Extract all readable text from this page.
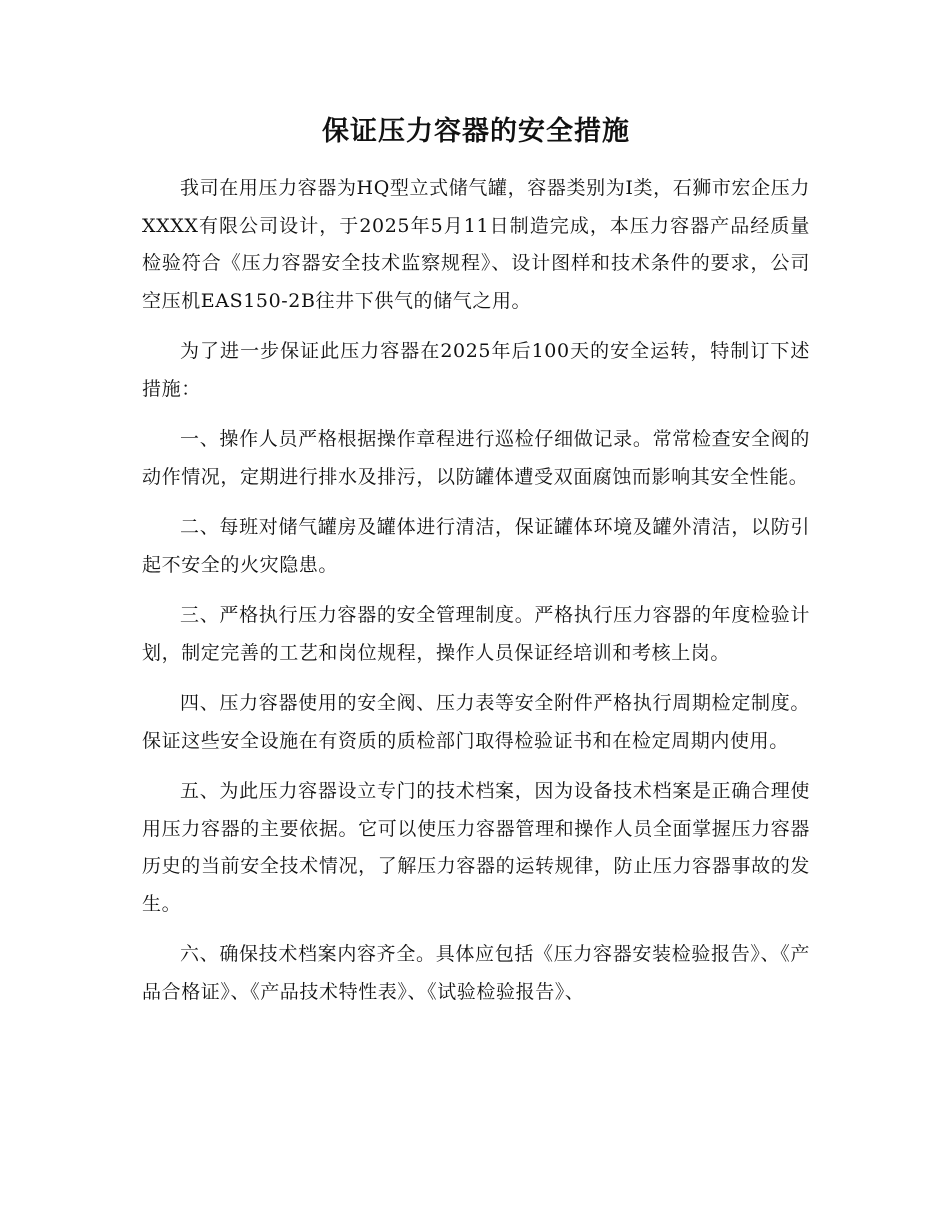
保证压力容器的安全措施

我司在用压力容器为HQ型立式储气罐，容器类别为Ⅰ类，石狮市宏企压力XXXX有限公司设计，于2025年5月11日制造完成，本压力容器产品经质量检验符合《压力容器安全技术监察规程》、设计图样和技术条件的要求，公司空压机EAS150-2B往井下供气的储气之用。

为了进一步保证此压力容器在2025年后100天的安全运转，特制订下述措施：

一、操作人员严格根据操作章程进行巡检仔细做记录。常常检查安全阀的动作情况，定期进行排水及排污，以防罐体遭受双面腐蚀而影响其安全性能。

二、每班对储气罐房及罐体进行清洁，保证罐体环境及罐外清洁，以防引起不安全的火灾隐患。

三、严格执行压力容器的安全管理制度。严格执行压力容器的年度检验计划，制定完善的工艺和岗位规程，操作人员保证经培训和考核上岗。

四、压力容器使用的安全阀、压力表等安全附件严格执行周期检定制度。保证这些安全设施在有资质的质检部门取得检验证书和在检定周期内使用。

五、为此压力容器设立专门的技术档案，因为设备技术档案是正确合理使用压力容器的主要依据。它可以使压力容器管理和操作人员全面掌握压力容器历史的当前安全技术情况，了解压力容器的运转规律，防止压力容器事故的发生。

六、确保技术档案内容齐全。具体应包括《压力容器安装检验报告》、《产品合格证》、《产品技术特性表》、《试验检验报告》、
